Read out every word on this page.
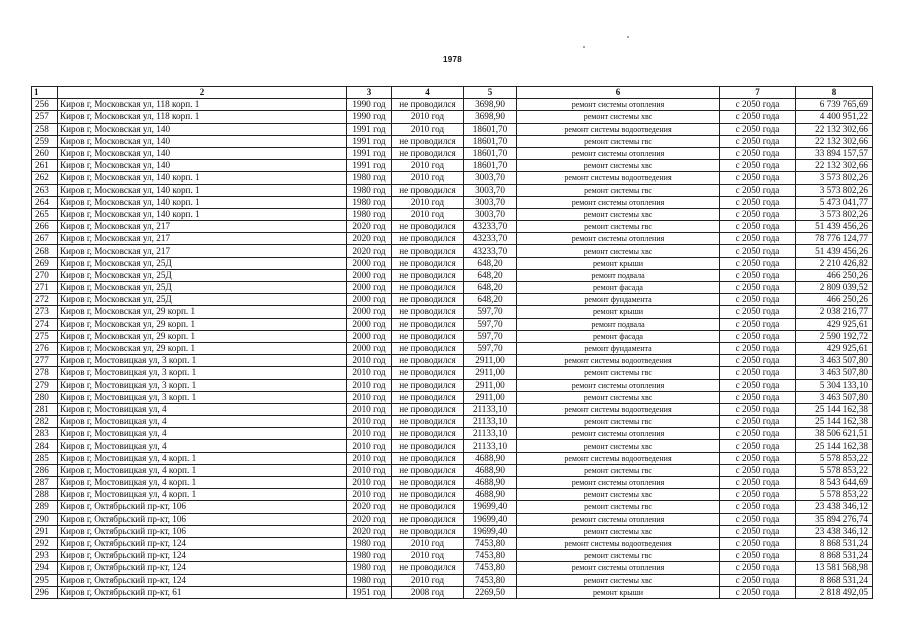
1978
1	2	3	4	5	6	7	8
256	Киров г, Московская ул, 118 корп. 1	1990 год	не проводился	3698,90	ремонт системы отопления	с 2050 года	6 739 765,69
257	Киров г, Московская ул, 118 корп. 1	1990 год	2010 год	3698,90	ремонт системы хвс	с 2050 года	4 400 951,22
258	Киров г, Московская ул, 140	1991 год	2010 год	18601,70	ремонт системы водоотведения	с 2050 года	22 132 302,66
259	Киров г, Московская ул, 140	1991 год	не проводился	18601,70	ремонт системы гвс	с 2050 года	22 132 302,66
260	Киров г, Московская ул, 140	1991 год	не проводился	18601,70	ремонт системы отопления	с 2050 года	33 894 157,57
261	Киров г, Московская ул, 140	1991 год	2010 год	18601,70	ремонт системы хвс	с 2050 года	22 132 302,66
262	Киров г, Московская ул, 140 корп. 1	1980 год	2010 год	3003,70	ремонт системы водоотведения	с 2050 года	3 573 802,26
263	Киров г, Московская ул, 140 корп. 1	1980 год	не проводился	3003,70	ремонт системы гвс	с 2050 года	3 573 802,26
264	Киров г, Московская ул, 140 корп. 1	1980 год	2010 год	3003,70	ремонт системы отопления	с 2050 года	5 473 041,77
265	Киров г, Московская ул, 140 корп. 1	1980 год	2010 год	3003,70	ремонт системы хвс	с 2050 года	3 573 802,26
266	Киров г, Московская ул, 217	2020 год	не проводился	43233,70	ремонт системы гвс	с 2050 года	51 439 456,26
267	Киров г, Московская ул, 217	2020 год	не проводился	43233,70	ремонт системы отопления	с 2050 года	78 776 124,77
268	Киров г, Московская ул, 217	2020 год	не проводился	43233,70	ремонт системы хвс	с 2050 года	51 439 456,26
269	Киров г, Московская ул, 25Д	2000 год	не проводился	648,20	ремонт крыши	с 2050 года	2 210 426,82
270	Киров г, Московская ул, 25Д	2000 год	не проводился	648,20	ремонт подвала	с 2050 года	466 250,26
271	Киров г, Московская ул, 25Д	2000 год	не проводился	648,20	ремонт фасада	с 2050 года	2 809 039,52
272	Киров г, Московская ул, 25Д	2000 год	не проводился	648,20	ремонт фундамента	с 2050 года	466 250,26
273	Киров г, Московская ул, 29 корп. 1	2000 год	не проводился	597,70	ремонт крыши	с 2050 года	2 038 216,77
274	Киров г, Московская ул, 29 корп. 1	2000 год	не проводился	597,70	ремонт подвала	с 2050 года	429 925,61
275	Киров г, Московская ул, 29 корп. 1	2000 год	не проводился	597,70	ремонт фасада	с 2050 года	2 590 192,72
276	Киров г, Московская ул, 29 корп. 1	2000 год	не проводился	597,70	ремонт фундамента	с 2050 года	429 925,61
277	Киров г, Мостовицкая ул, 3 корп. 1	2010 год	не проводился	2911,00	ремонт системы водоотведения	с 2050 года	3 463 507,80
278	Киров г, Мостовицкая ул, 3 корп. 1	2010 год	не проводился	2911,00	ремонт системы гвс	с 2050 года	3 463 507,80
279	Киров г, Мостовицкая ул, 3 корп. 1	2010 год	не проводился	2911,00	ремонт системы отопления	с 2050 года	5 304 133,10
280	Киров г, Мостовицкая ул, 3 корп. 1	2010 год	не проводился	2911,00	ремонт системы хвс	с 2050 года	3 463 507,80
281	Киров г, Мостовицкая ул, 4	2010 год	не проводился	21133,10	ремонт системы водоотведения	с 2050 года	25 144 162,38
282	Киров г, Мостовицкая ул, 4	2010 год	не проводился	21133,10	ремонт системы гвс	с 2050 года	25 144 162,38
283	Киров г, Мостовицкая ул, 4	2010 год	не проводился	21133,10	ремонт системы отопления	с 2050 года	38 506 621,51
284	Киров г, Мостовицкая ул, 4	2010 год	не проводился	21133,10	ремонт системы хвс	с 2050 года	25 144 162,38
285	Киров г, Мостовицкая ул, 4 корп. 1	2010 год	не проводился	4688,90	ремонт системы водоотведения	с 2050 года	5 578 853,22
286	Киров г, Мостовицкая ул, 4 корп. 1	2010 год	не проводился	4688,90	ремонт системы гвс	с 2050 года	5 578 853,22
287	Киров г, Мостовицкая ул, 4 корп. 1	2010 год	не проводился	4688,90	ремонт системы отопления	с 2050 года	8 543 644,69
288	Киров г, Мостовицкая ул, 4 корп. 1	2010 год	не проводился	4688,90	ремонт системы хвс	с 2050 года	5 578 853,22
289	Киров г, Октябрьский пр-кт, 106	2020 год	не проводился	19699,40	ремонт системы гвс	с 2050 года	23 438 346,12
290	Киров г, Октябрьский пр-кт, 106	2020 год	не проводился	19699,40	ремонт системы отопления	с 2050 года	35 894 276,74
291	Киров г, Октябрьский пр-кт, 106	2020 год	не проводился	19699,40	ремонт системы хвс	с 2050 года	23 438 346,12
292	Киров г, Октябрьский пр-кт, 124	1980 год	2010 год	7453,80	ремонт системы водоотведения	с 2050 года	8 868 531,24
293	Киров г, Октябрьский пр-кт, 124	1980 год	2010 год	7453,80	ремонт системы гвс	с 2050 года	8 868 531,24
294	Киров г, Октябрьский пр-кт, 124	1980 год	не проводился	7453,80	ремонт системы отопления	с 2050 года	13 581 568,98
295	Киров г, Октябрьский пр-кт, 124	1980 год	2010 год	7453,80	ремонт системы хвс	с 2050 года	8 868 531,24
296	Киров г, Октябрьский пр-кт, 61	1951 год	2008 год	2269,50	ремонт крыши	с 2050 года	2 818 492,05
